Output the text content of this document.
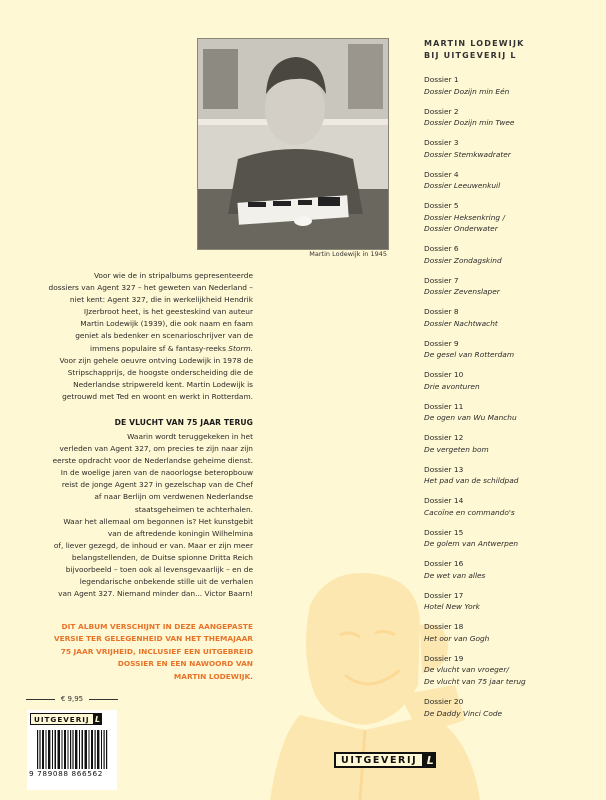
Martin Lodewijk in 1945
Voor wie de in stripalbums gepresenteerde
dossiers van Agent 327 – het geweten van Nederland –
niet kent: Agent 327, die in werkelijkheid Hendrik
IJzerbroot heet, is het geesteskind van auteur
Martin Lodewijk (1939), die ook naam en faam
geniet als bedenker en scenarioschrijver van de
immens populaire sf & fantasy-reeks Storm.
Voor zijn gehele oeuvre ontving Lodewijk in 1978 de
Stripschapprijs, de hoogste onderscheiding die de
Nederlandse stripwereld kent. Martin Lodewijk is
getrouwd met Ted en woont en werkt in Rotterdam.
DE VLUCHT VAN 75 JAAR TERUG
Waarin wordt teruggekeken in het
verleden van Agent 327, om precies te zijn naar zijn
eerste opdracht voor de Nederlandse geheime dienst.
In de woelige jaren van de naoorlogse beteropbouw
reist de jonge Agent 327 in gezelschap van de Chef
af naar Berlijn om verdwenen Nederlandse
staatsgeheimen te achterhalen.
Waar het allemaal om begonnen is? Het kunstgebit
van de aftredende koningin Wilhelmina
of, liever gezegd, de inhoud er van. Maar er zijn meer
belangstellenden, de Duitse spionne Dritta Reich
bijvoorbeeld – toen ook al levensgevaarlijk – en de
legendarische onbekende stille uit de verhalen
van Agent 327. Niemand minder dan... Victor Baarn!
DIT ALBUM VERSCHIJNT IN DEZE AANGEPASTE
VERSIE TER GELEGENHEID VAN HET THEMAJAAR
75 JAAR VRIJHEID, INCLUSIEF EEN UITGEBREID
DOSSIER EN EEN NAWOORD VAN
MARTIN LODEWIJK.
MARTIN LODEWIJK
BIJ UITGEVERIJ L
Dossier 1
Dossier Dozijn min Eén
Dossier 2
Dossier Dozijn min Twee
Dossier 3
Dossier Stemkwadrater
Dossier 4
Dossier Leeuwenkuil
Dossier 5
Dossier Heksenkring /
Dossier Onderwater
Dossier 6
Dossier Zondagskind
Dossier 7
Dossier Zevenslaper
Dossier 8
Dossier Nachtwacht
Dossier 9
De gesel van Rotterdam
Dossier 10
Drie avonturen
Dossier 11
De ogen van Wu Manchu
Dossier 12
De vergeten bom
Dossier 13
Het pad van de schildpad
Dossier 14
Cacoïne en commando's
Dossier 15
De golem van Antwerpen
Dossier 16
De wet van alles
Dossier 17
Hotel New York
Dossier 18
Het oor van Gogh
Dossier 19
De vlucht van vroeger/
De vlucht van 75 jaar terug
Dossier 20
De Daddy Vinci Code
UITGEVERIJ L
€ 9,95
UITGEVERIJ L
9 789088 866562
